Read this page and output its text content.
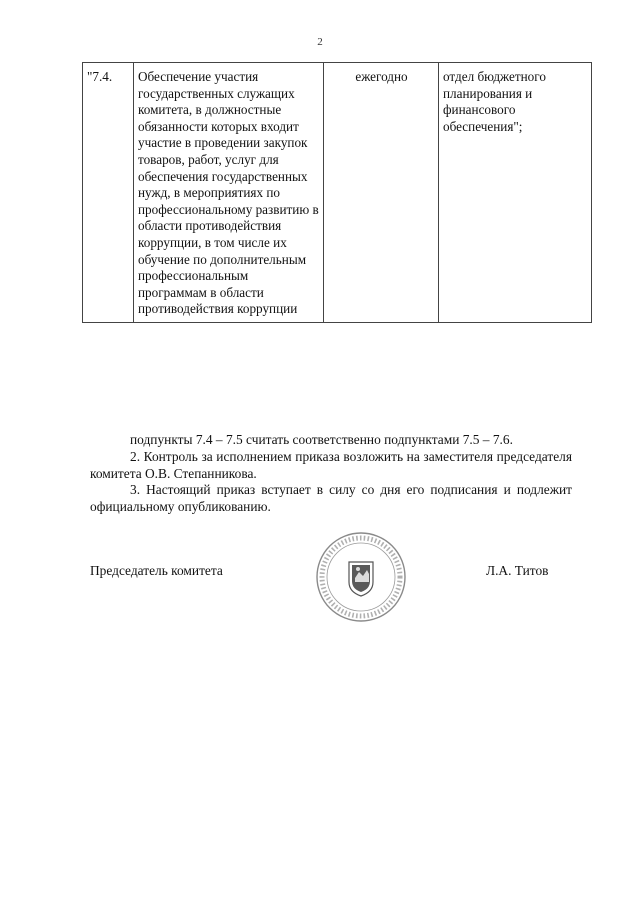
2
"7.4.	Обеспечение участия государственных служащих комитета, в должностные обязанности которых входит участие в проведении закупок товаров, работ, услуг для обеспечения государственных нужд, в мероприятиях по профессиональному развитию в области противодействия коррупции, в том числе их обучение по дополнительным профессиональным программам в области противодействия коррупции	ежегодно	отдел бюджетного планирования и финансового обеспечения";
подпункты 7.4 – 7.5 считать соответственно подпунктами 7.5 – 7.6.
2. Контроль за исполнением приказа возложить на заместителя председателя комитета О.В. Степанникова.
3. Настоящий приказ вступает в силу со дня его подписания и подлежит официальному опубликованию.
Председатель комитета	Л.А. Титов
